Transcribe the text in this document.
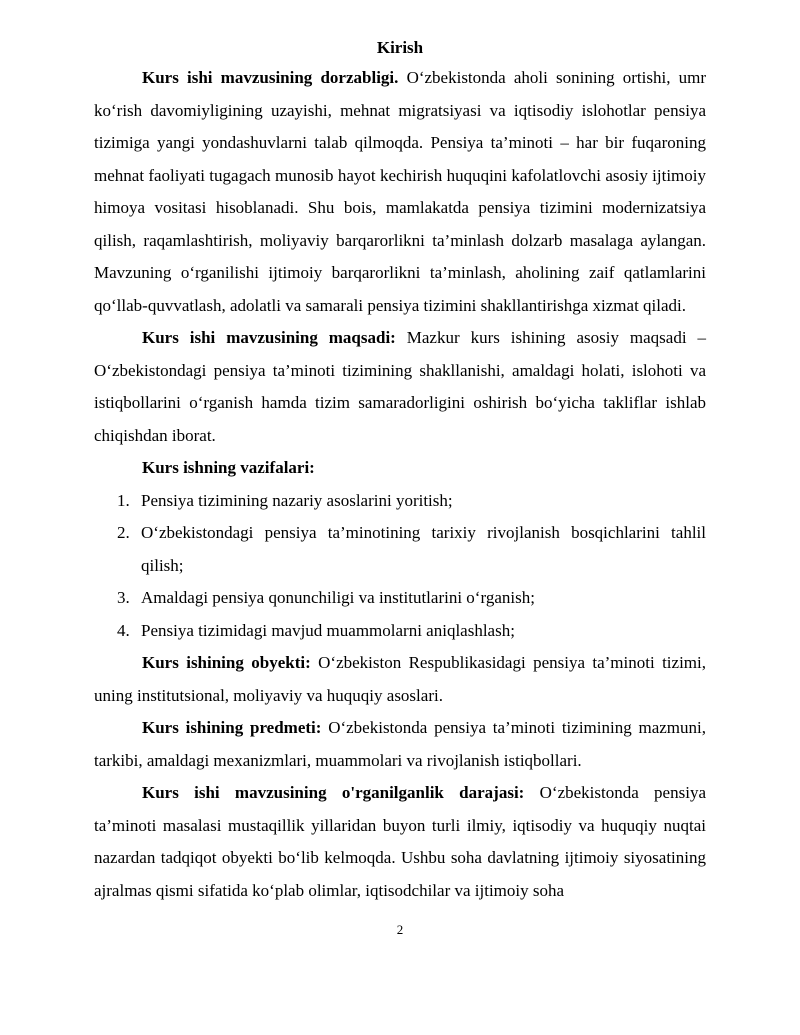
Kirish

Kurs ishi mavzusining dorzabligi. O‘zbekistonda aholi sonining ortishi, umr ko‘rish davomiyligining uzayishi, mehnat migratsiyasi va iqtisodiy islohotlar pensiya tizimiga yangi yondashuvlarni talab qilmoqda. Pensiya ta’minoti – har bir fuqaroning mehnat faoliyati tugagach munosib hayot kechirish huquqini kafolatlovchi asosiy ijtimoiy himoya vositasi hisoblanadi. Shu bois, mamlakatda pensiya tizimini modernizatsiya qilish, raqamlashtirish, moliyaviy barqarorlikni ta’minlash dolzarb masalaga aylangan. Mavzuning o‘rganilishi ijtimoiy barqarorlikni ta’minlash, aholining zaif qatlamlarini qo‘llab-quvvatlash, adolatli va samarali pensiya tizimini shakllantirishga xizmat qiladi.

Kurs ishi mavzusining maqsadi: Mazkur kurs ishining asosiy maqsadi – O‘zbekistondagi pensiya ta’minoti tizimining shakllanishi, amaldagi holati, islohoti va istiqbollarini o‘rganish hamda tizim samaradorligini oshirish bo‘yicha takliflar ishlab chiqishdan iborat.

Kurs ishning vazifalari:

1. Pensiya tizimining nazariy asoslarini yoritish;
2. O‘zbekistondagi pensiya ta’minotining tarixiy rivojlanish bosqichlarini tahlil qilish;
3. Amaldagi pensiya qonunchiligi va institutlarini o‘rganish;
4. Pensiya tizimidagi mavjud muammolarni aniqlashlash;

Kurs ishining obyekti: O‘zbekiston Respublikasidagi pensiya ta’minoti tizimi, uning institutsional, moliyaviy va huquqiy asoslari.

Kurs ishining predmeti: O‘zbekistonda pensiya ta’minoti tizimining mazmuni, tarkibi, amaldagi mexanizmlari, muammolari va rivojlanish istiqbollari.

Kurs ishi mavzusining o'rganilganlik darajasi: O‘zbekistonda pensiya ta’minoti masalasi mustaqillik yillaridan buyon turli ilmiy, iqtisodiy va huquqiy nuqtai nazardan tadqiqot obyekti bo‘lib kelmoqda. Ushbu soha davlatning ijtimoiy siyosatining ajralmas qismi sifatida ko‘plab olimlar, iqtisodchilar va ijtimoiy soha

2
